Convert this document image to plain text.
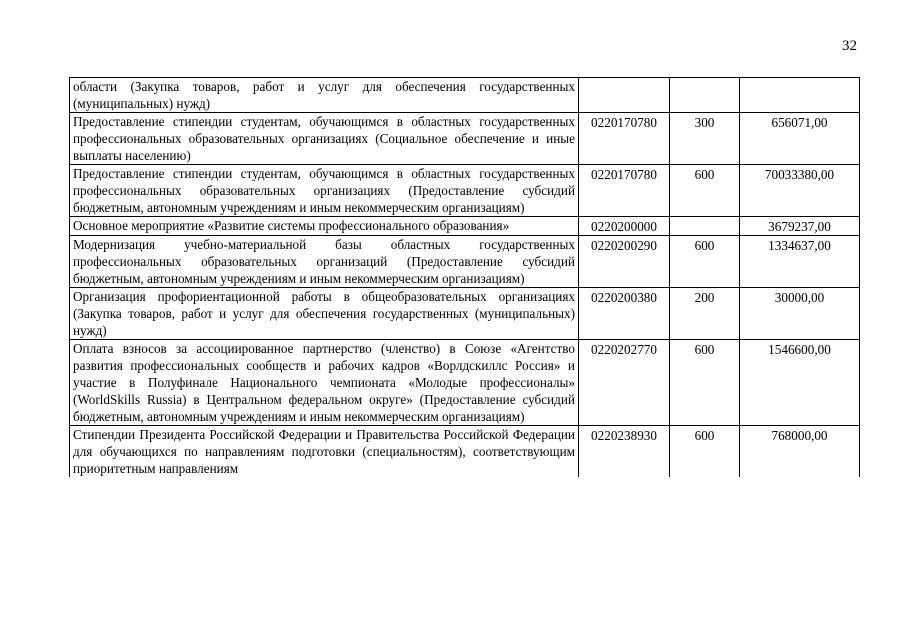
32
области (Закупка товаров, работ и услуг для обеспечения государственных (муниципальных) нужд)			
Предоставление стипендии студентам, обучающимся в областных государственных профессиональных образовательных организациях (Социальное обеспечение и иные выплаты населению)	0220170780	300	656071,00
Предоставление стипендии студентам, обучающимся в областных государственных профессиональных образовательных организациях (Предоставление субсидий бюджетным, автономным учреждениям и иным некоммерческим организациям)	0220170780	600	70033380,00
Основное мероприятие «Развитие системы профессионального образования»	0220200000		3679237,00
Модернизация учебно-материальной базы областных государственных профессиональных образовательных организаций (Предоставление субсидий бюджетным, автономным учреждениям и иным некоммерческим организациям)	0220200290	600	1334637,00
Организация профориентационной работы в общеобразовательных организациях (Закупка товаров, работ и услуг для обеспечения государственных (муниципальных) нужд)	0220200380	200	30000,00
Оплата взносов за ассоциированное партнерство (членство) в Союзе «Агентство развития профессиональных сообществ и рабочих кадров «Ворлдскиллс Россия» и участие в Полуфинале Национального чемпионата «Молодые профессионалы» (WorldSkills Russia) в Центральном федеральном округе» (Предоставление субсидий бюджетным, автономным учреждениям и иным некоммерческим организациям)	0220202770	600	1546600,00
Стипендии Президента Российской Федерации и Правительства Российской Федерации для обучающихся по направлениям подготовки (специальностям), соответствующим приоритетным направлениям	0220238930	600	768000,00
